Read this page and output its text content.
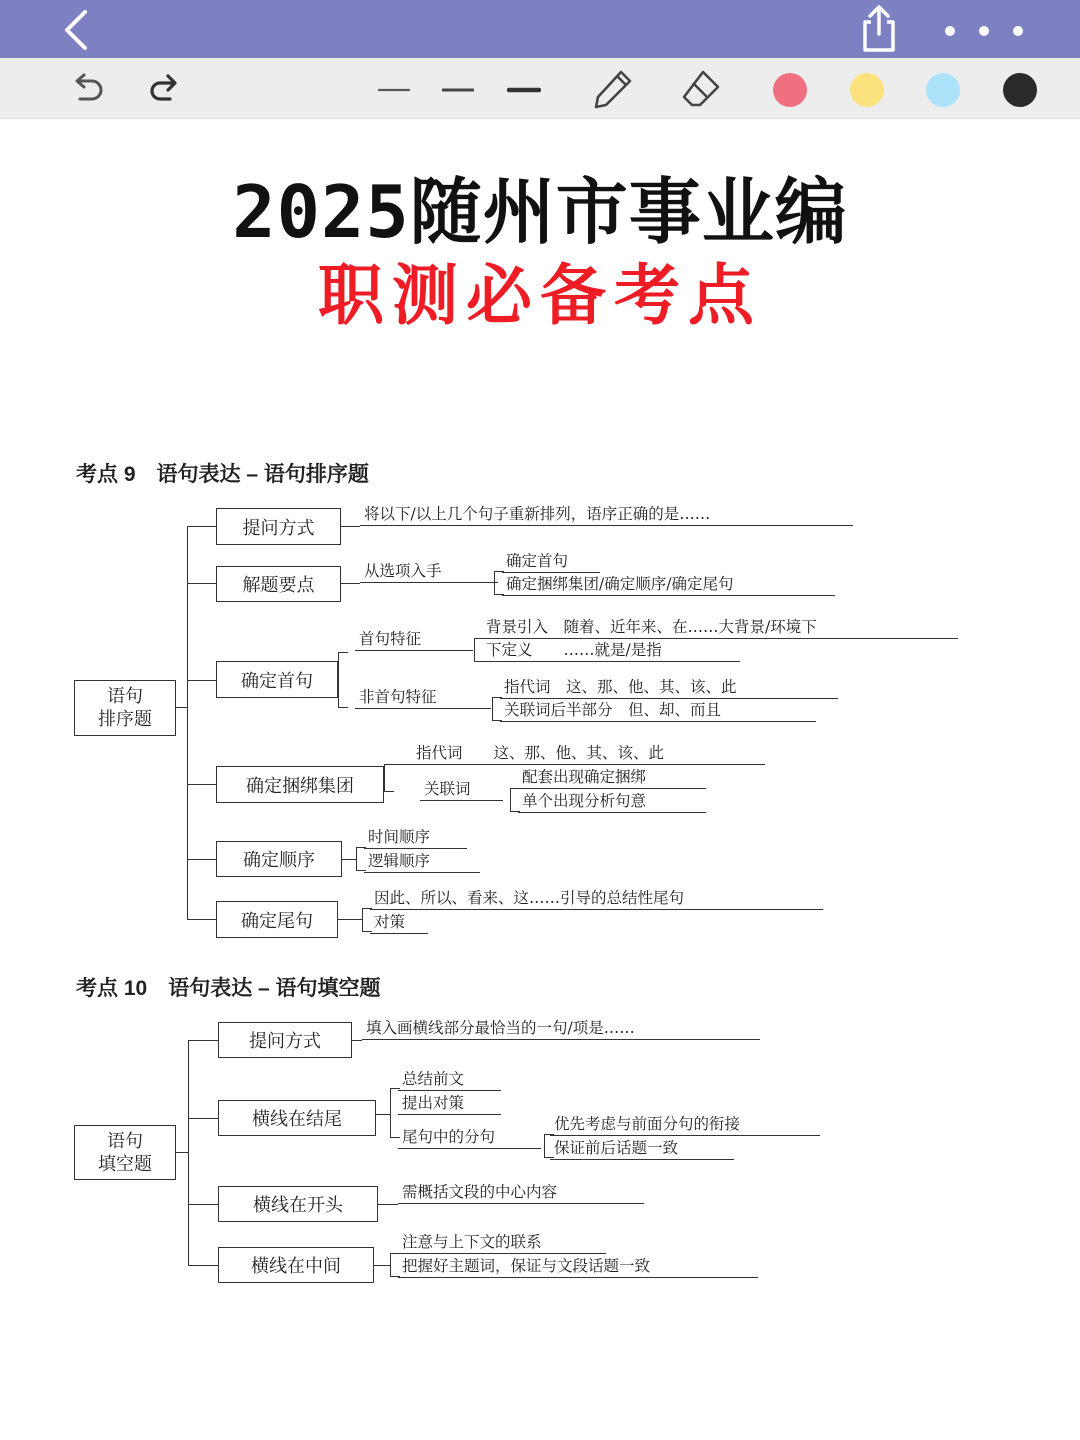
2025随州市事业编
职测必备考点
考点 9　语句表达 – 语句排序题
语句
排序题
提问方式
将以下/以上几个句子重新排列，语序正确的是……
解题要点
从选项入手
确定首句
确定捆绑集团/确定顺序/确定尾句
确定首句
首句特征
背景引入　随着、近年来、在……大背景/环境下
下定义　　……就是/是指
非首句特征
指代词　这、那、他、其、该、此
关联词后半部分　但、却、而且
确定捆绑集团
指代词　　这、那、他、其、该、此
关联词
配套出现确定捆绑
单个出现分析句意
确定顺序
时间顺序
逻辑顺序
确定尾句
因此、所以、看来、这……引导的总结性尾句
对策
考点 10　语句表达 – 语句填空题
语句
填空题
提问方式
填入画横线部分最恰当的一句/项是……
横线在结尾
总结前文
提出对策
尾句中的分句
优先考虑与前面分句的衔接
保证前后话题一致
横线在开头
需概括文段的中心内容
横线在中间
注意与上下文的联系
把握好主题词，保证与文段话题一致
